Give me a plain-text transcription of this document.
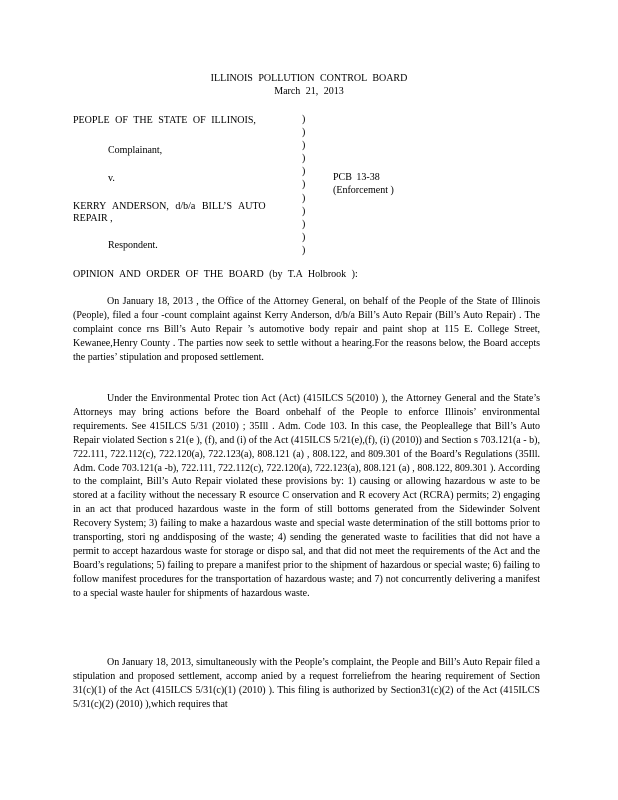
ILLINOIS POLLUTION CONTROL BOARD
March 21, 2013
PEOPLE OF THE STATE OF ILLINOIS,
Complainant,
v.
KERRY ANDERSON, d/b/a BILL’S AUTO
REPAIR ,
Respondent.
)
)
)
)
)
)
)
)
)
)
)
PCB 13-38
(Enforcement )
OPINION AND ORDER OF THE BOARD (by T.A Holbrook ):

On January 18, 2013 , the Office of the Attorney General, on behalf of the People of the State of Illinois (People), filed a four -count complaint against Kerry Anderson, d/b/a Bill’s Auto Repair (Bill’s Auto Repair) . The complaint conce rns Bill’s Auto Repair ’s automotive body repair and paint shop at 115 E. College Street, Kewanee,Henry County . The parties now seek to settle without a hearing.For the reasons below, the Board accepts the parties’ stipulation and proposed settlement.

Under the Environmental Protec tion Act (Act) (415ILCS 5(2010) ), the Attorney General and the State’s Attorneys may bring actions before the Board onbehalf of the People to enforce Illinois’ environmental requirements. See 415ILCS 5/31 (2010) ; 35Ill . Adm. Code 103. In this case, the Peopleallege that Bill’s Auto Repair violated Section s 21(e ), (f), and (i) of the Act (415ILCS 5/21(e),(f), (i) (2010)) and Section s 703.121(a - b), 722.111, 722.112(c), 722.120(a), 722.123(a), 808.121 (a) , 808.122, and 809.301 of the Board’s Regulations (35Ill. Adm. Code 703.121(a -b), 722.111, 722.112(c), 722.120(a), 722.123(a), 808.121 (a) , 808.122, 809.301 ). According to the complaint, Bill’s Auto Repair violated these provisions by: 1) causing or allowing hazardous w aste to be stored at a facility without the necessary R esource C onservation and R ecovery Act (RCRA) permits; 2) engaging in an act that produced hazardous waste in the form of still bottoms generated from the Sidewinder Solvent Recovery System; 3) failing to make a hazardous waste and special waste determination of the still bottoms prior to transporting, stori ng anddisposing of the waste; 4) sending the generated waste to facilities that did not have a permit to accept hazardous waste for storage or dispo sal, and that did not meet the requirements of the Act and the Board’s regulations; 5) failing to prepare a manifest prior to the shipment of hazardous or special waste; 6) failing to follow manifest procedures for the transportation of hazardous waste; and 7) not concurrently delivering a manifest to a special waste hauler for shipments of hazardous waste.

On January 18, 2013, simultaneously with the People’s complaint, the People and Bill’s Auto Repair filed a stipulation and proposed settlement, accomp anied by a request forreliefrom the hearing requirement of Section 31(c)(1) of the Act (415ILCS 5/31(c)(1) (2010) ). This filing is authorized by Section31(c)(2) of the Act (415ILCS 5/31(c)(2) (2010) ),which requires that
